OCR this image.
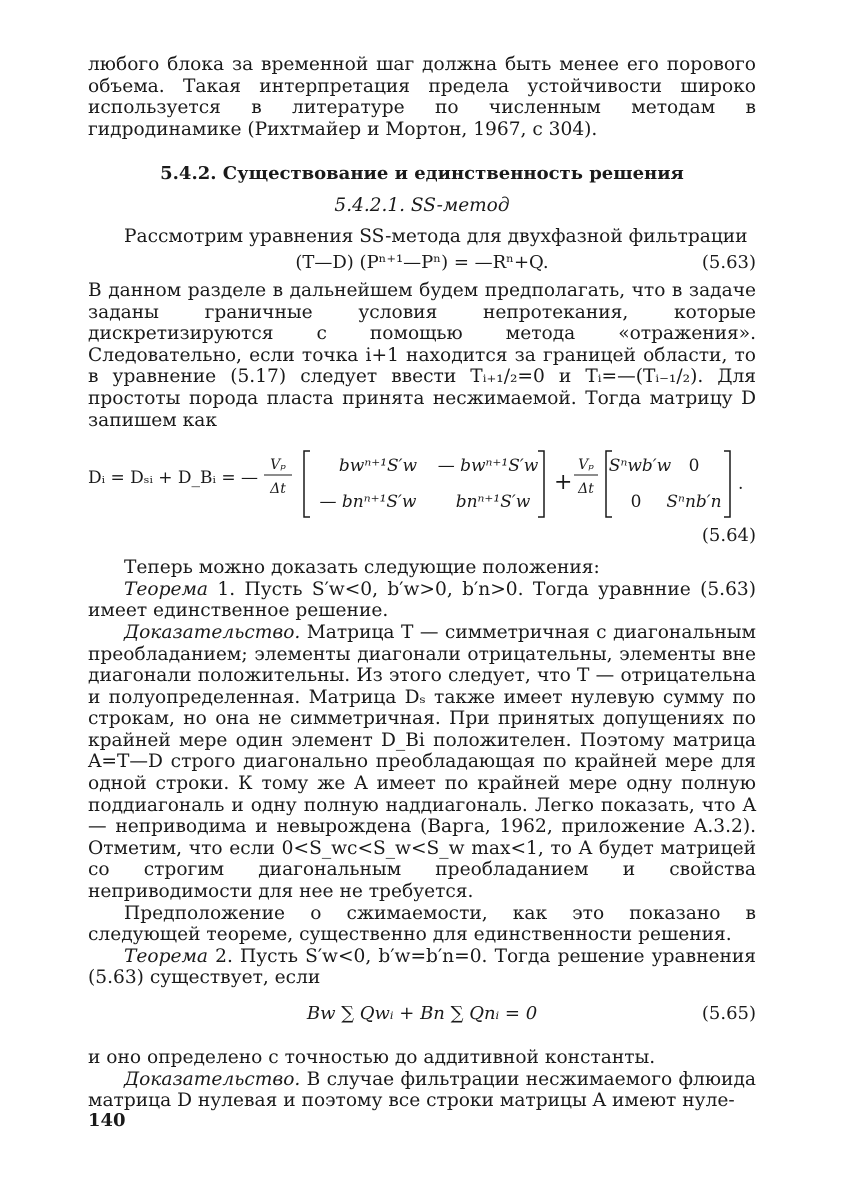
любого блока за временной шаг должна быть менее его порового объема. Такая интерпретация предела устойчивости широко используется в литературе по численным методам в гидродинамике (Рихтмайер и Мортон, 1967, с 304).

5.4.2. Существование и единственность решения
5.4.2.1. SS-метод

Рассмотрим уравнения SS-метода для двухфазной фильтрации

(T—D) (Pⁿ⁺¹—Pⁿ) = —Rⁿ+Q.	(5.63)

В данном разделе в дальнейшем будем предполагать, что в задаче заданы граничные условия непротекания, которые дискретизируются с помощью метода «отражения». Следовательно, если точка i+1 находится за границей области, то в уравнение (5.17) следует ввести Tᵢ₊₁/₂=0 и Tᵢ=—(Tᵢ₋₁/₂). Для простоты порода пласта принята несжимаемой. Тогда матрицу D запишем как

Dᵢ = Dₛᵢ + D_Bᵢ = —
Vₚ
Δt
bwⁿ⁺¹S′w — bwⁿ⁺¹S′w
— bnⁿ⁺¹S′w bnⁿ⁺¹S′w
+
Vₚ
Δt
Sⁿwb′w 0
0 Sⁿnb′n
.
(5.64)

Теперь можно доказать следующие положения:

Теорема 1. Пусть S′w<0, b′w>0, b′n>0. Тогда уравнние (5.63) имеет единственное решение.

Доказательство. Матрица T — симметричная с диагональным преобладанием; элементы диагонали отрицательны, элементы вне диагонали положительны. Из этого следует, что T — отрицательна и полуопределенная. Матрица Dₛ также имеет нулевую сумму по строкам, но она не симметричная. При принятых допущениях по крайней мере один элемент D_Bi положителен. Поэтому матрица A=T—D строго диагонально преобладающая по крайней мере для одной строки. К тому же A имеет по крайней мере одну полную поддиагональ и одну полную наддиагональ. Легко показать, что A — неприводима и невырождена (Варга, 1962, приложение A.3.2). Отметим, что если 0<S_wc<S_w<S_w max<1, то A будет матрицей со строгим диагональным преобладанием и свойства неприводимости для нее не требуется.

Предположение о сжимаемости, как это показано в следующей теореме, существенно для единственности решения.

Теорема 2. Пусть S′w<0, b′w=b′n=0. Тогда решение уравнения (5.63) существует, если

Bw ∑ Qwᵢ + Bn ∑ Qnᵢ = 0	(5.65)

и оно определено с точностью до аддитивной константы.

Доказательство. В случае фильтрации несжимаемого флюида матрица D нулевая и поэтому все строки матрицы A имеют нуле-

140
